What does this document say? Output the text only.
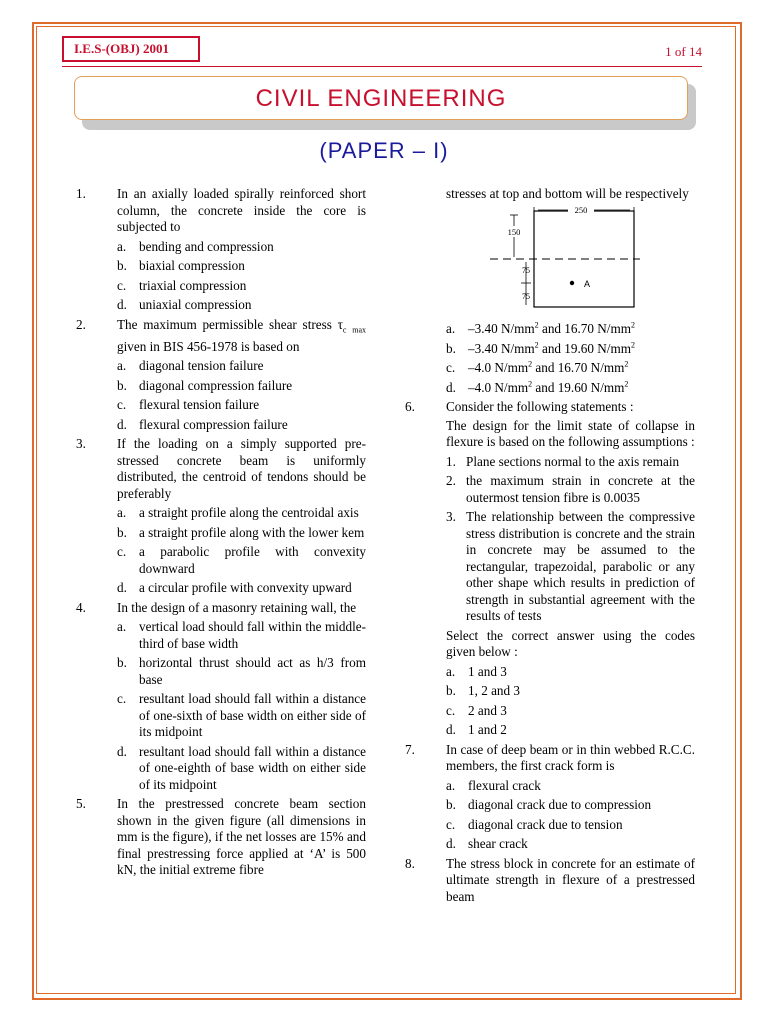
I.E.S-(OBJ) 2001	1 of 14
CIVIL ENGINEERING
(PAPER – I)
1. In an axially loaded spirally reinforced short column, the concrete inside the core is subjected to
a. bending and compression
b. biaxial compression
c. triaxial compression
d. uniaxial compression
2. The maximum permissible shear stress $\tau_c$ $_{max}$ given in BIS 456-1978 is based on
a. diagonal tension failure
b. diagonal compression failure
c. flexural tension failure
d. flexural compression failure
3. If the loading on a simply supported pre-stressed concrete beam is uniformly distributed, the centroid of tendons should be preferably
a. a straight profile along the centroidal axis
b. a straight profile along with the lower kem
c. a parabolic profile with convexity downward
d. a circular profile with convexity upward
4. In the design of a masonry retaining wall, the
a. vertical load should fall within the middle-third of base width
b. horizontal thrust should act as h/3 from base
c. resultant load should fall within a distance of one-sixth of base width on either side of its midpoint
d. resultant load should fall within a distance of one-eighth of base width on either side of its midpoint
5. In the prestressed concrete beam section shown in the given figure (all dimensions in mm is the figure), if the net losses are 15% and final prestressing force applied at ‘A’ is 500 kN, the initial extreme fibre
stresses at top and bottom will be respectively
250
150
75
75
A
a. –3.40 $N/mm^2$ and 16.70 $N/mm^2$
b. –3.40 $N/mm^2$ and 19.60 $N/mm^2$
c. –4.0 $N/mm^2$ and 16.70 $N/mm^2$
d. –4.0 $N/mm^2$ and 19.60 $N/mm^2$
6. Consider the following statements :
The design for the limit state of collapse in flexure is based on the following assumptions :
1. Plane sections normal to the axis remain
2. the maximum strain in concrete at the outermost tension fibre is 0.0035
3. The relationship between the compressive stress distribution is concrete and the strain in concrete may be assumed to the rectangular, trapezoidal, parabolic or any other shape which results in prediction of strength in substantial agreement with the results of tests
Select the correct answer using the codes given below :
a. 1 and 3
b. 1, 2 and 3
c. 2 and 3
d. 1 and 2
7. In case of deep beam or in thin webbed R.C.C. members, the first crack form is
a. flexural crack
b. diagonal crack due to compression
c. diagonal crack due to tension
d. shear crack
8. The stress block in concrete for an estimate of ultimate strength in flexure of a prestressed beam
